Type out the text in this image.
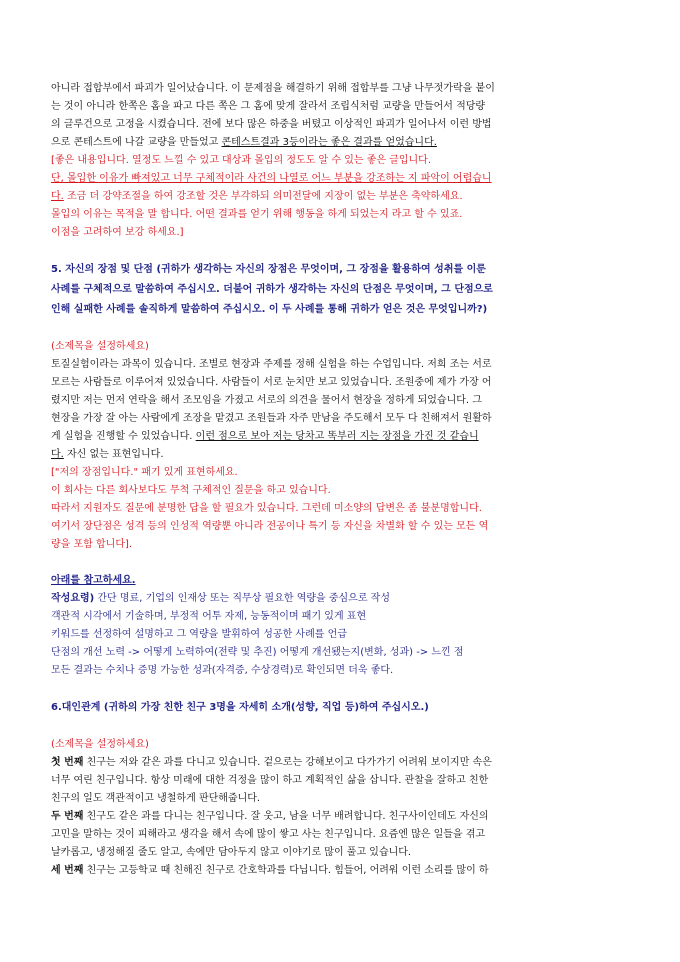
아니라 접합부에서 파괴가 일어났습니다. 이 문제점을 해결하기 위해 접합부를 그냥 나무젓가락을 붙이

는 것이 아니라 한쪽은 홈을 파고 다른 쪽은 그 홈에 맞게 잘라서 조립식처럼 교량을 만들어서 적당량

의 글루건으로 고정을 시켰습니다. 전에 보다 많은 하중을 버텼고 이상적인 파괴가 일어나서 이런 방법

으로 콘테스트에 나갈 교량을 만들었고 콘테스트결과 3등이라는 좋은 결과를 얻었습니다.

[좋은 내용입니다. 열정도 느낄 수 있고 대상과 몰입의 정도도 알 수 있는 좋은 글입니다.

단, 몰입한 이유가 빠져있고 너무 구체적이라 사건의 나열로 어느 부분을 강조하는 지 파악이 어렵습니

다. 조금 더 강약조절을 하여 강조할 것은 부각하되 의미전달에 지장이 없는 부분은 축약하세요.

몰입의 이유는 목적을 말 합니다. 어떤 결과를 얻기 위해 행동을 하게 되었는지 라고 할 수 있죠.

이점을 고려하여 보강 하세요.]

5. 자신의 장점 및 단점 (귀하가 생각하는 자신의 장점은 무엇이며, 그 장점을 활용하여 성취를 이룬

사례를 구체적으로 말씀하여 주십시오. 더불어 귀하가 생각하는 자신의 단점은 무엇이며, 그 단점으로

인해 실패한 사례를 솔직하게 말씀하여 주십시오. 이 두 사례를 통해 귀하가 얻은 것은 무엇입니까?)

(소제목을 설정하세요)

토질실험이라는 과목이 있습니다. 조별로 현장과 주제를 정해 실험을 하는 수업입니다. 저희 조는 서로

모르는 사람들로 이루어져 있었습니다. 사람들이 서로 눈치만 보고 있었습니다. 조원중에 제가 가장 어

렸지만 저는 먼저 연락을 해서 조모임을 가졌고 서로의 의견을 물어서 현장을 정하게 되었습니다. 그

현장을 가장 잘 아는 사람에게 조장을 맡겼고 조원들과 자주 만남을 주도해서 모두 다 친해져서 원활하

게 실험을 진행할 수 있었습니다. 이런 점으로 보아 저는 당차고 똑부러 지는 장점을 가진 것 같습니

다. 자신 없는 표현입니다.

["저의 장점입니다." 패기 있게 표현하세요.

이 회사는 다른 회사보다도 무척 구체적인 질문을 하고 있습니다.

따라서 지원자도 질문에 분명한 답을 할 필요가 있습니다. 그런데 미소양의 답변은 좀 불분명합니다.

여기서 장단점은 성격 등의 인성적 역량뿐 아니라 전공이나 특기 등 자신을 차별화 할 수 있는 모든 역

량을 포함 합니다].

아래를 참고하세요.

작성요령) 간단 명료, 기업의 인재상 또는 직무상 필요한 역량을 중심으로 작성

객관적 시각에서 기술하며, 부정적 어투 자제, 능동적이며 패기 있게 표현

키워드를 선정하여 설명하고 그 역량을 발휘하여 성공한 사례를 언급

단점의 개선 노력 -> 어떻게 노력하여(전략 및 추진) 어떻게 개선됐는지(변화, 성과) -> 느낀 점

모든 결과는 수치나 증명 가능한 성과(자격증, 수상경력)로 확인되면 더욱 좋다.

6.대인관계 (귀하의 가장 친한 친구 3명을 자세히 소개(성향, 직업 등)하여 주십시오.)

(소제목을 설정하세요)

첫 번째 친구는 저와 같은 과를 다니고 있습니다. 겉으로는 강해보이고 다가가기 어려워 보이지만 속은

너무 여린 친구입니다. 항상 미래에 대한 걱정을 많이 하고 계획적인 삶을 삽니다. 관찰을 잘하고 친한

친구의 일도 객관적이고 냉철하게 판단해줍니다.

두 번째 친구도 같은 과를 다니는 친구입니다. 잘 웃고, 남을 너무 배려합니다. 친구사이인데도 자신의

고민을 말하는 것이 피해라고 생각을 해서 속에 많이 쌓고 사는 친구입니다. 요즘엔 많은 일들을 겪고

날카롭고, 냉정해질 줄도 알고, 속에만 담아두지 않고 이야기로 많이 풀고 있습니다.

세 번째 친구는 고등학교 때 친해진 친구로 간호학과를 다닙니다. 힘들어, 어려워 이런 소리를 많이 하
